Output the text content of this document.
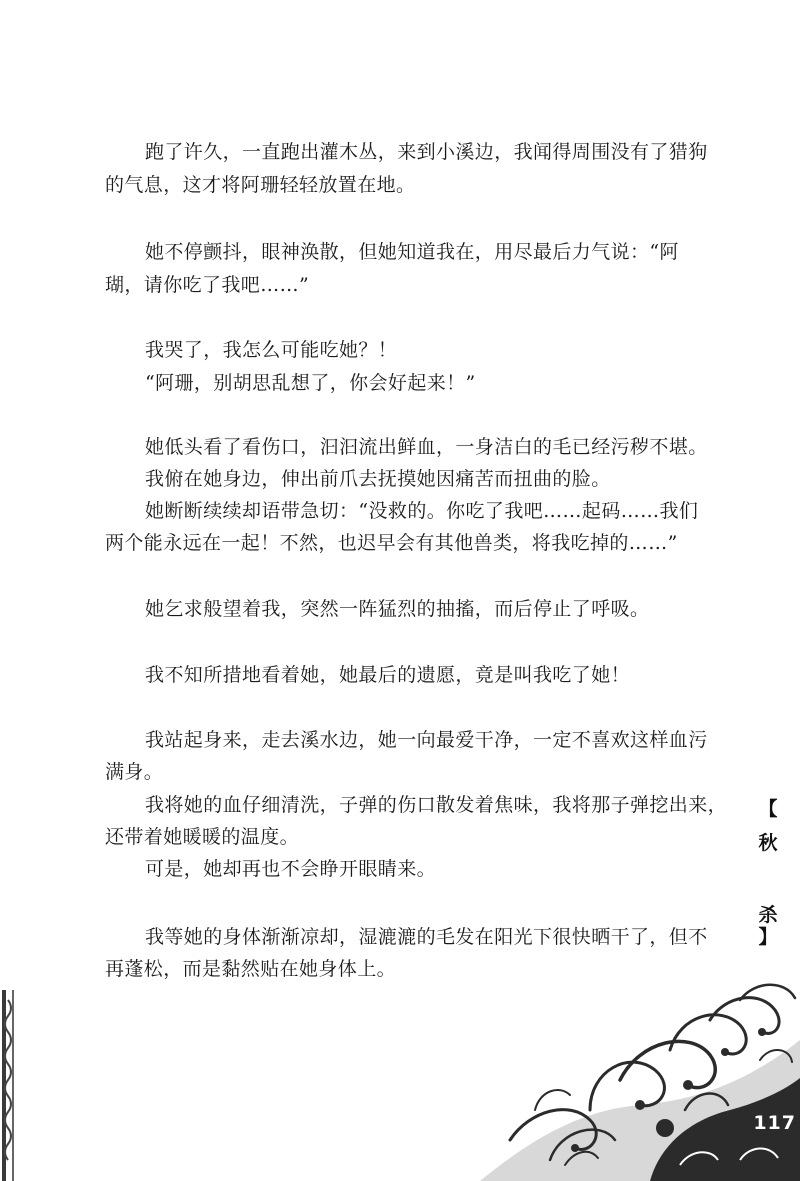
跑了许久，一直跑出灌木丛，来到小溪边，我闻得周围没有了猎狗

的气息，这才将阿珊轻轻放置在地。

她不停颤抖，眼神涣散，但她知道我在，用尽最后力气说：“阿

瑚，请你吃了我吧……”

我哭了，我怎么可能吃她？！

“阿珊，别胡思乱想了，你会好起来！”

她低头看了看伤口，汩汩流出鲜血，一身洁白的毛已经污秽不堪。

我俯在她身边，伸出前爪去抚摸她因痛苦而扭曲的脸。

她断断续续却语带急切：“没救的。你吃了我吧……起码……我们

两个能永远在一起！不然，也迟早会有其他兽类，将我吃掉的……”

她乞求般望着我，突然一阵猛烈的抽搐，而后停止了呼吸。

我不知所措地看着她，她最后的遗愿，竟是叫我吃了她！

我站起身来，走去溪水边，她一向最爱干净，一定不喜欢这样血污

满身。

我将她的血仔细清洗，子弹的伤口散发着焦味，我将那子弹挖出来，

还带着她暖暖的温度。

可是，她却再也不会睁开眼睛来。

我等她的身体渐渐凉却，湿漉漉的毛发在阳光下很快晒干了，但不

再蓬松，而是黏然贴在她身体上。

【
秋
杀
】
117
